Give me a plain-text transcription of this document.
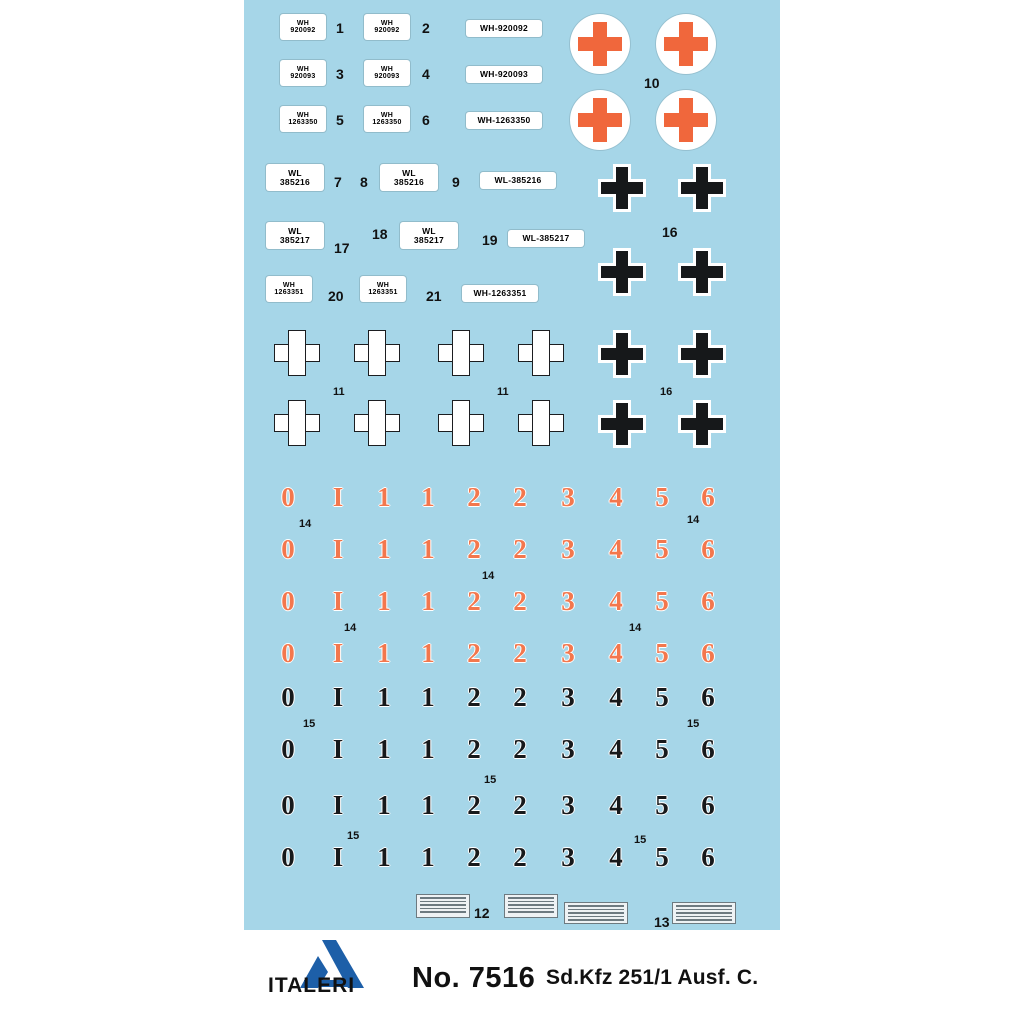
WH
920092
WH
920092
WH
920093
WH
920093
WH
1263350
WH
1263350
WH-920092
WH-920093
WH-1263350
WL
385216
WL
385216	WL-385216
WL
385217
WL
385217	WL-385217
WH
1263351
WH
1263351	WH-1263351
1	2
3	4
5	6
10
7 8	9
16
17
18	19
20	21
11	11	16
14	14
14
14	14
15	15
15
15	15
12
13
0	I	1 1 2 2 3 4 5 6
0	I	1 1 2 2 3 4 5 6
0	I	1 1 2 2 3 4 5 6
0	I	1 1 2 2 3 4 5 6
0	I	1 1 2 2 3 4 5 6
0	I	1 1 2 2 3 4 5 6
0	I	1 1 2 2 3 4 5 6
0	I	1 1 2 2 3 4 5 6
ITALERI No. 7516 Sd.Kfz 251/1 Ausf. C.
